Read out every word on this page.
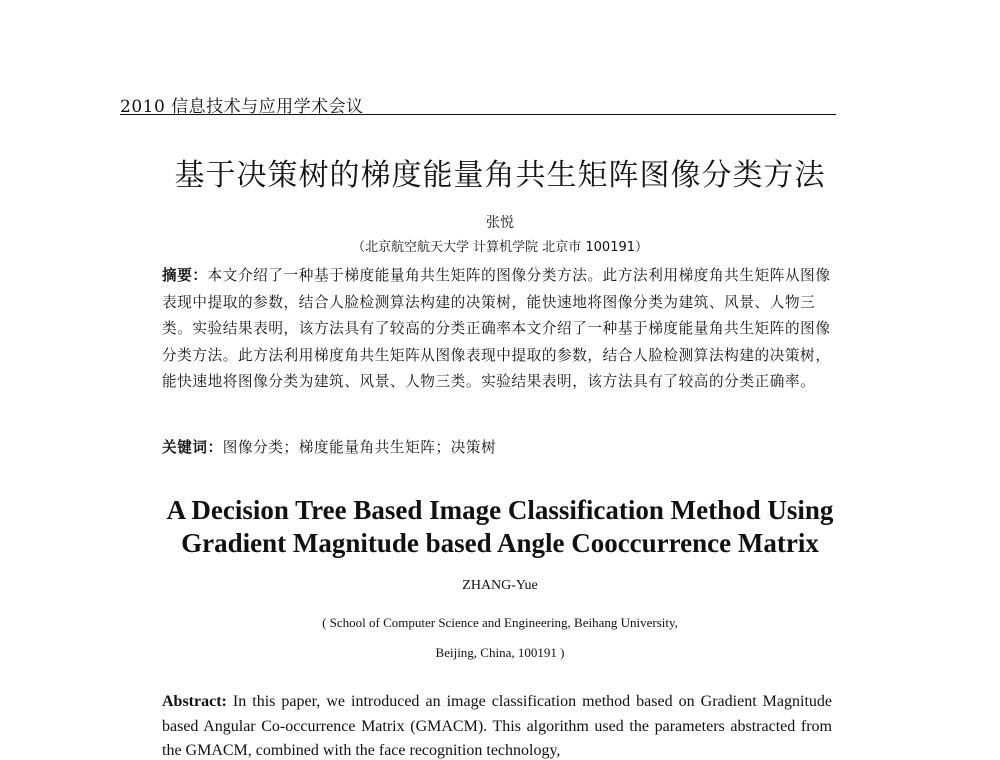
2010 信息技术与应用学术会议
基于决策树的梯度能量角共生矩阵图像分类方法
张悦
（北京航空航天大学 计算机学院 北京市 100191）
摘要：本文介绍了一种基于梯度能量角共生矩阵的图像分类方法。此方法利用梯度角共生矩阵从图像表现中提取的参数，结合人脸检测算法构建的决策树，能快速地将图像分类为建筑、风景、人物三类。实验结果表明，该方法具有了较高的分类正确率本文介绍了一种基于梯度能量角共生矩阵的图像分类方法。此方法利用梯度角共生矩阵从图像表现中提取的参数，结合人脸检测算法构建的决策树，能快速地将图像分类为建筑、风景、人物三类。实验结果表明，该方法具有了较高的分类正确率。
关键词：图像分类；梯度能量角共生矩阵；决策树
A Decision Tree Based Image Classification Method Using
Gradient Magnitude based Angle Cooccurrence Matrix
ZHANG-Yue
( School of Computer Science and Engineering, Beihang University,
Beijing, China, 100191 )
Abstract: In this paper, we introduced an image classification method based on Gradient Magnitude based Angular Co-occurrence Matrix (GMACM). This algorithm used the parameters abstracted from the GMACM, combined with the face recognition technology,
